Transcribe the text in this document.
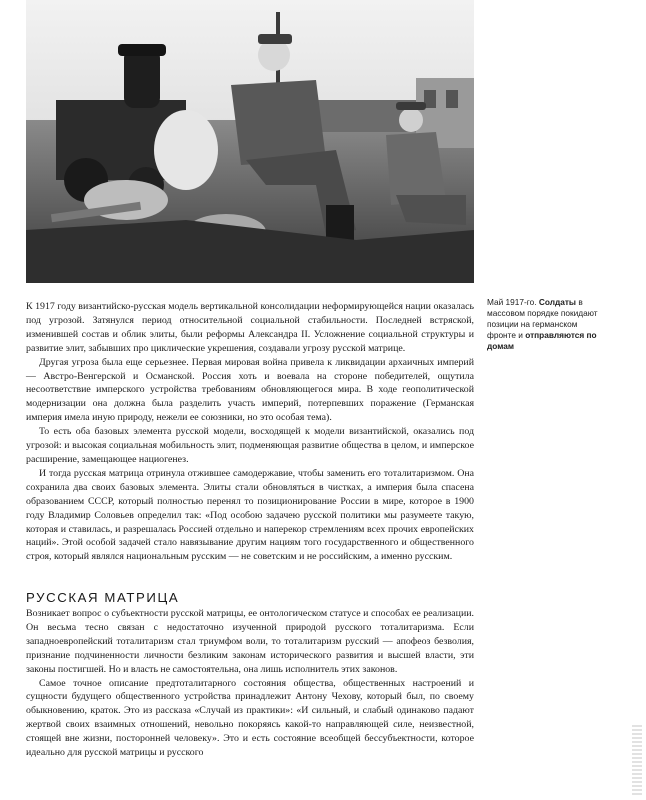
Май 1917-го. Солдаты в массовом порядке покидают позиции на германском фронте и отправляются по домам

К 1917 году византийско-русская модель вертикальной консолидации неформирующейся нации оказалась под угрозой. Затянулся период относительной социальной стабильности. Последней встряской, изменившей состав и облик элиты, были реформы Александра II. Усложнение социальной структуры и развитие элит, забывших про циклические укрешения, создавали угрозу русской матрице.

Другая угроза была еще серьезнее. Первая мировая война привела к ликвидации архаичных империй — Австро-Венгерской и Османской. Россия хоть и воевала на стороне победителей, ощутила несоответствие имперского устройства требованиям обновляющегося мира. В ходе геополитической модернизации она должна была разделить участь империй, потерпевших поражение (Германская империя имела иную природу, нежели ее союзники, но это особая тема).

То есть оба базовых элемента русской модели, восходящей к модели византийской, оказались под угрозой: и высокая социальная мобильность элит, подменяющая развитие общества в целом, и имперское расширение, замещающее нациогенез.

И тогда русская матрица отринула отжившее самодержавие, чтобы заменить его тоталитаризмом. Она сохранила два своих базовых элемента. Элиты стали обновляться в чистках, а империя была спасена образованием СССР, который полностью перенял то позиционирование России в мире, которое в 1900 году Владимир Соловьев определил так: «Под особою задачею русской политики мы разумеете такую, которая и ставилась, и разрешалась Россией отдельно и наперекор стремлениям всех прочих европейских наций». Этой особой задачей стало навязывание другим нациям того государственного и общественного строя, который являлся национальным русским — не советским и не российским, а именно русским.

РУССКАЯ МАТРИЦА

Возникает вопрос о субъектности русской матрицы, ее онтологическом статусе и способах ее реализации. Он весьма тесно связан с недостаточно изученной природой русского тоталитаризма. Если западноевропейский тоталитаризм стал триумфом воли, то тоталитаризм русский — апофеоз безволия, признание подчиненности личности безликим законам исторического развития и высшей власти, эти законы постигшей. Но и власть не самостоятельна, она лишь исполнитель этих законов.

Самое точное описание предтоталитарного состояния общества, общественных настроений и сущности будущего общественного устройства принадлежит Антону Чехову, который был, по своему обыкновению, краток. Это из рассказа «Случай из практики»: «И сильный, и слабый одинаково падают жертвой своих взаимных отношений, невольно покоряясь какой-то направляющей силе, неизвестной, стоящей вне жизни, посторонней человеку». Это и есть состояние всеобщей бессубъектности, которое идеально для русской матрицы и русского
